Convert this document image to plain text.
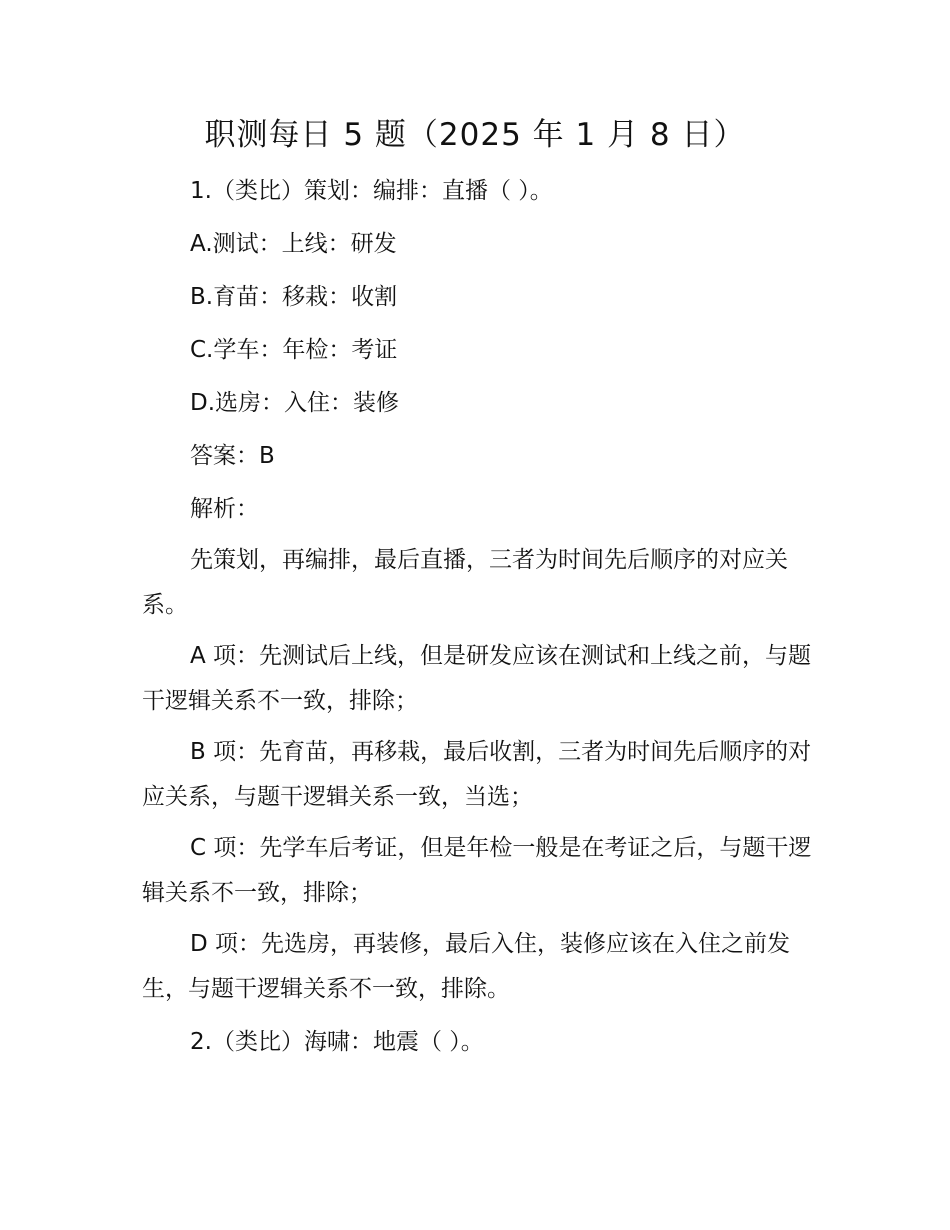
职测每日 5 题（2025 年 1 月 8 日）

1.（类比）策划：编排：直播（ ）。

A.测试：上线：研发

B.育苗：移栽：收割

C.学车：年检：考证

D.选房：入住：装修

答案：B

解析：

先策划，再编排，最后直播，三者为时间先后顺序的对应关系。

A 项：先测试后上线，但是研发应该在测试和上线之前，与题干逻辑关系不一致，排除；

B 项：先育苗，再移栽，最后收割，三者为时间先后顺序的对应关系，与题干逻辑关系一致，当选；

C 项：先学车后考证，但是年检一般是在考证之后，与题干逻辑关系不一致，排除；

D 项：先选房，再装修，最后入住，装修应该在入住之前发生，与题干逻辑关系不一致，排除。

2.（类比）海啸：地震（ ）。
